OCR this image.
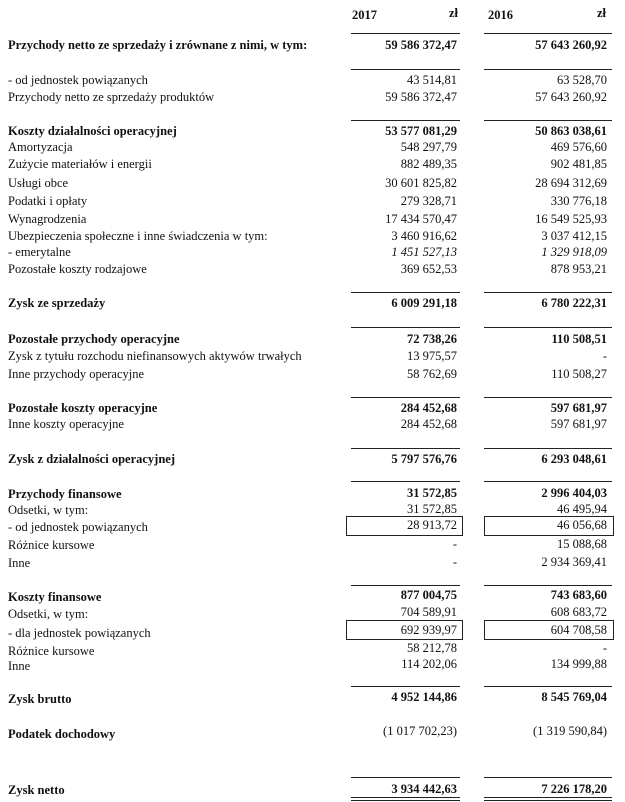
2017	zł 2016	zł
Przychody netto ze sprzedaży i zrównane z nimi, w tym:	59 586 372,47	57 643 260,92
- od jednostek powiązanych	43 514,81	63 528,70
Przychody netto ze sprzedaży produktów	59 586 372,47	57 643 260,92
Koszty działalności operacyjnej	53 577 081,29	50 863 038,61
Amortyzacja	548 297,79	469 576,60
Zużycie materiałów i energii	882 489,35	902 481,85
Usługi obce	30 601 825,82	28 694 312,69
Podatki i opłaty	279 328,71	330 776,18
Wynagrodzenia	17 434 570,47	16 549 525,93
Ubezpieczenia społeczne i inne świadczenia w tym:	3 460 916,62	3 037 412,15
- emerytalne	1 451 527,13	1 329 918,09
Pozostałe koszty rodzajowe	369 652,53	878 953,21
Zysk ze sprzedaży	6 009 291,18	6 780 222,31
Pozostałe przychody operacyjne	72 738,26	110 508,51
Zysk z tytułu rozchodu niefinansowych aktywów trwałych	13 975,57	-
Inne przychody operacyjne	58 762,69	110 508,27
Pozostałe koszty operacyjne	284 452,68	597 681,97
Inne koszty operacyjne	284 452,68	597 681,97
Zysk z działalności operacyjnej	5 797 576,76	6 293 048,61
Przychody finansowe	31 572,85	2 996 404,03
Odsetki, w tym:	31 572,85	46 495,94
- od jednostek powiązanych	28 913,72	46 056,68
Różnice kursowe	-	15 088,68
Inne	-	2 934 369,41
Koszty finansowe	877 004,75	743 683,60
Odsetki, w tym:	704 589,91	608 683,72
- dla jednostek powiązanych	692 939,97	604 708,58
Różnice kursowe	58 212,78	-
Inne	114 202,06	134 999,88
Zysk brutto	4 952 144,86	8 545 769,04
Podatek dochodowy	(1 017 702,23)	(1 319 590,84)
Zysk netto	3 934 442,63	7 226 178,20
